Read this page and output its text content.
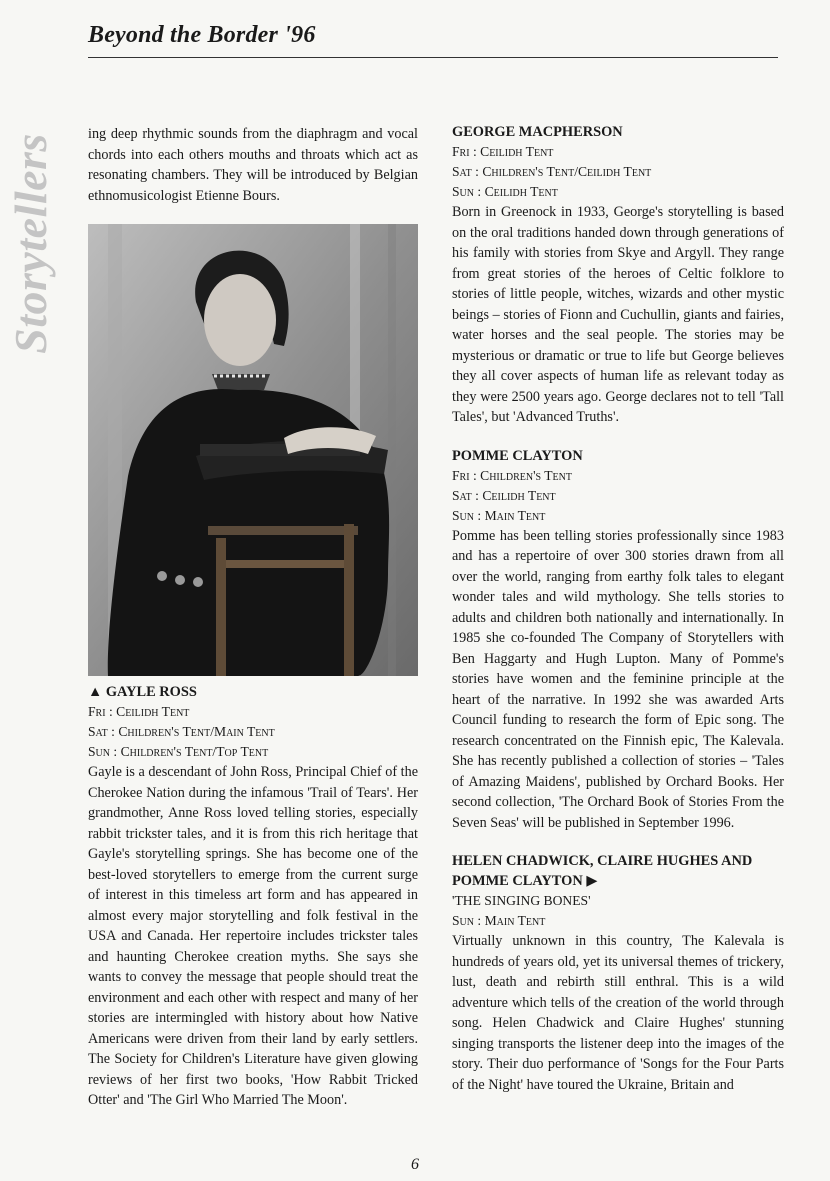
Beyond the Border '96
Storytellers ing deep rhythmic sounds from the diaphragm and vocal chords into each others mouths and throats which act as resonating chambers. They will be introduced by Belgian ethnomusicologist Etienne Bours.

▲ GAYLE ROSS
Fri : Ceilidh Tent
Sat : Children's Tent/Main Tent
Sun : Children's Tent/Top Tent

Gayle is a descendant of John Ross, Principal Chief of the Cherokee Nation during the infamous 'Trail of Tears'. Her grandmother, Anne Ross loved telling stories, especially rabbit trickster tales, and it is from this rich heritage that Gayle's storytelling springs. She has become one of the best-loved storytellers to emerge from the current surge of interest in this timeless art form and has appeared in almost every major storytelling and folk festival in the USA and Canada. Her repertoire includes trickster tales and haunting Cherokee creation myths. She says she wants to convey the message that people should treat the environment and each other with respect and many of her stories are intermingled with history about how Native Americans were driven from their land by early settlers. The Society for Children's Literature have given glowing reviews of her first two books, 'How Rabbit Tricked Otter' and 'The Girl Who Married The Moon'.

GEORGE MACPHERSON
Fri : Ceilidh Tent
Sat : Children's Tent/Ceilidh Tent
Sun : Ceilidh Tent

Born in Greenock in 1933, George's storytelling is based on the oral traditions handed down through generations of his family with stories from Skye and Argyll. They range from great stories of the heroes of Celtic folklore to stories of little people, witches, wizards and other mystic beings – stories of Fionn and Cuchullin, giants and fairies, water horses and the seal people. The stories may be mysterious or dramatic or true to life but George believes they all cover aspects of human life as relevant today as they were 2500 years ago. George declares not to tell 'Tall Tales', but 'Advanced Truths'.

POMME CLAYTON
Fri : Children's Tent
Sat : Ceilidh Tent
Sun : Main Tent

Pomme has been telling stories professionally since 1983 and has a repertoire of over 300 stories drawn from all over the world, ranging from earthy folk tales to elegant wonder tales and wild mythology. She tells stories to adults and children both nationally and internationally. In 1985 she co-founded The Company of Storytellers with Ben Haggarty and Hugh Lupton. Many of Pomme's stories have women and the feminine principle at the heart of the narrative. In 1992 she was awarded Arts Council funding to research the form of Epic song. The research concentrated on the Finnish epic, The Kalevala. She has recently published a collection of stories – 'Tales of Amazing Maidens', published by Orchard Books. Her second collection, 'The Orchard Book of Stories From the Seven Seas' will be published in September 1996.

HELEN CHADWICK, CLAIRE HUGHES AND POMME CLAYTON ▶
'THE SINGING BONES'
Sun : Main Tent

Virtually unknown in this country, The Kalevala is hundreds of years old, yet its universal themes of trickery, lust, death and rebirth still enthral. This is a wild adventure which tells of the creation of the world through song. Helen Chadwick and Claire Hughes' stunning singing transports the listener deep into the images of the story. Their duo performance of 'Songs for the Four Parts of the Night' have toured the Ukraine, Britain and

6
